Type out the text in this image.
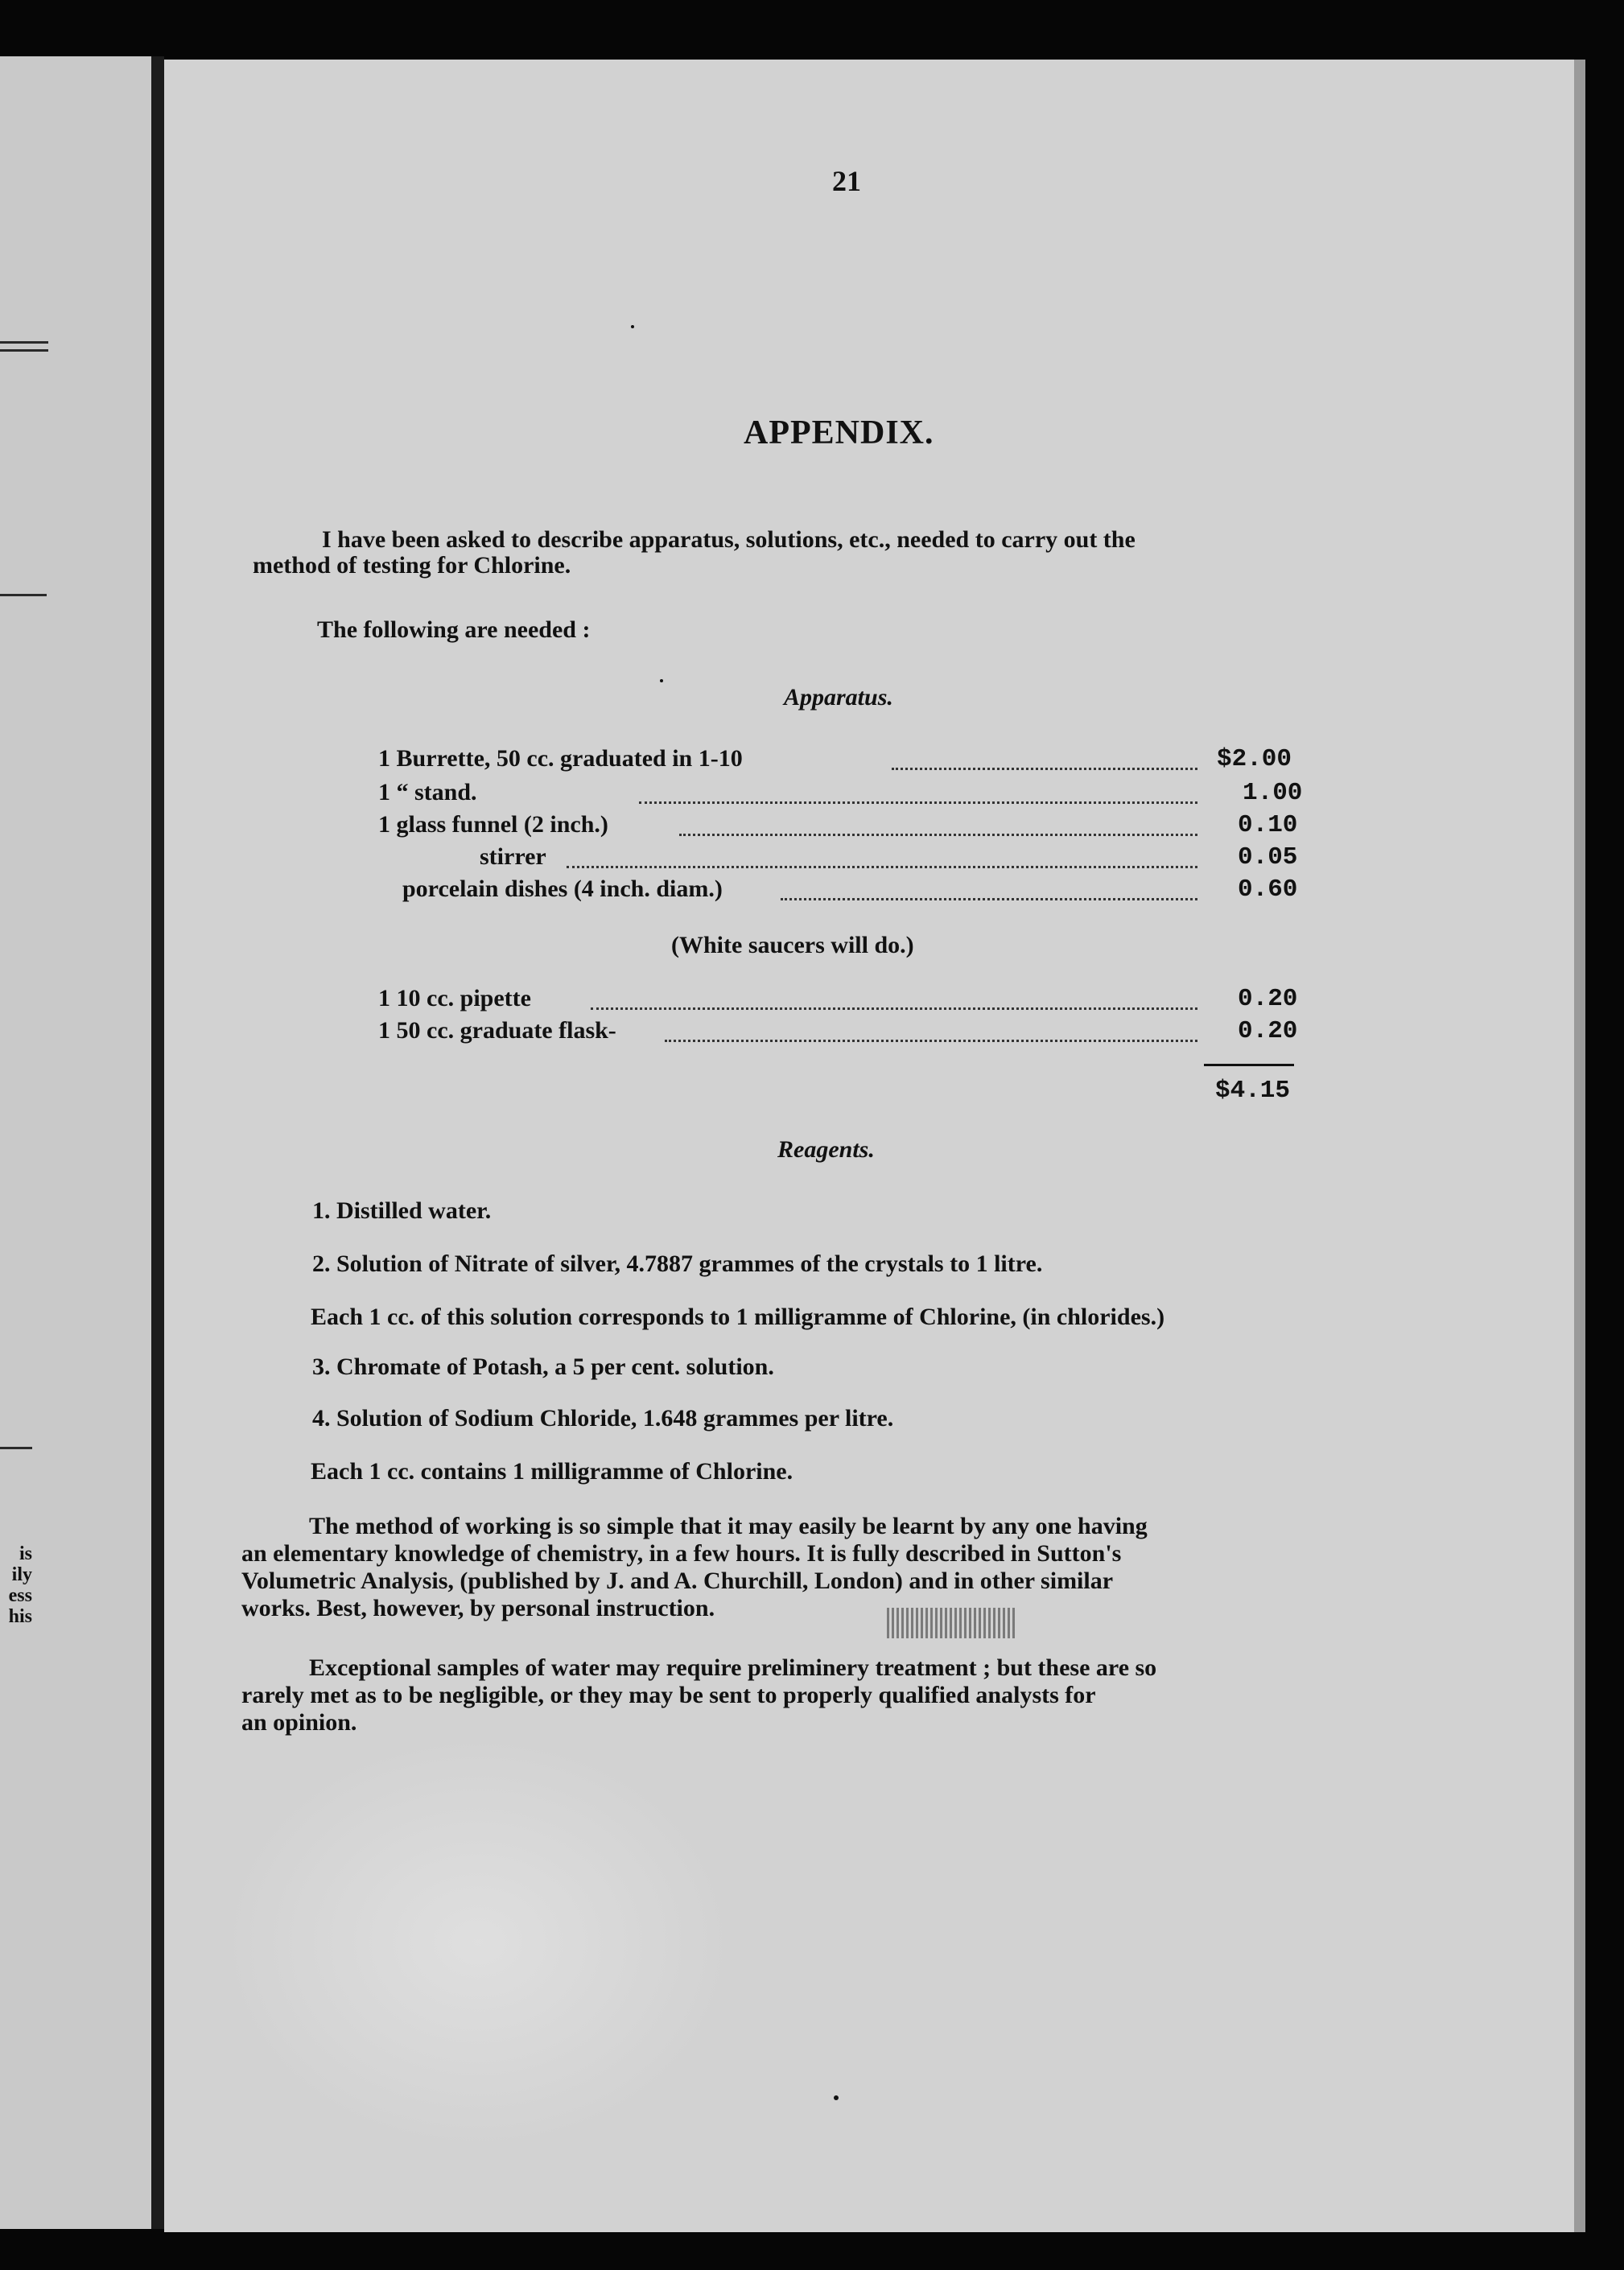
is
ily
ess
his
21
APPENDIX.
I have been asked to describe apparatus, solutions, etc., needed to carry out the
method of testing for Chlorine.
The following are needed :
Apparatus.
1 Burrette, 50 cc. graduated in 1-10	$2.00
1 “ stand.	1.00
1 glass funnel (2 inch.)	0.10
stirrer	0.05
porcelain dishes (4 inch. diam.)	0.60
(White saucers will do.)
1 10 cc. pipette	0.20
1 50 cc. graduate flask-	0.20
$4.15
Reagents.
1. Distilled water.
2. Solution of Nitrate of silver, 4.7887 grammes of the crystals to 1 litre.
Each 1 cc. of this solution corresponds to 1 milligramme of Chlorine, (in chlorides.)
3. Chromate of Potash, a 5 per cent. solution.
4. Solution of Sodium Chloride, 1.648 grammes per litre.
Each 1 cc. contains 1 milligramme of Chlorine.
The method of working is so simple that it may easily be learnt by any one having
an elementary knowledge of chemistry, in a few hours. It is fully described in Sutton's
Volumetric Analysis, (published by J. and A. Churchill, London) and in other similar
works. Best, however, by personal instruction.
Exceptional samples of water may require preliminery treatment ; but these are so
rarely met as to be negligible, or they may be sent to properly qualified analysts for
an opinion.
